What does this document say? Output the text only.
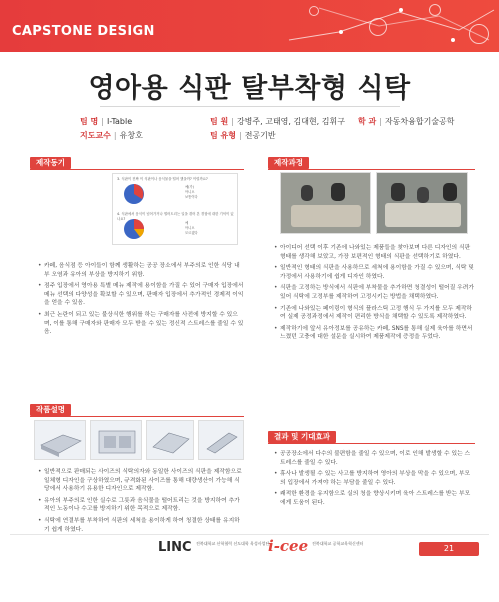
CAPSTONE DESIGN
영아용 식판 탈부착형 식탁
팀 명 | I-Table	팀 원 | 강병주, 고태영, 김대현, 김휘구 학 과 | 자동차융합기술공학
지도교수 | 유창호	팀 유형 | 전공기반
제작동기
3. 식판이 진짜 이 식판이나 음식물을 떨어 했을까? 이럴까요?
예(가)
아니오
보통이다
4. 식판에서 음식이 넘어가거나 떨어트리는 일을 겪어 본 경험에 대한 기억이 있나요?
예
아니오
모르겠다
• 카페, 음식점 등 아이들이 함께 생활하는 공공 장소에서 부주의로 인한 식당 내부 오염과 유아의 부상을 방지하기 위함.
• 점주 입장에서 영아용 특별 메뉴 제작에 용이함을 가질 수 있어 구매자 입장에서 메뉴 선택의 다양성을 확보할 수 있으며, 판매자 입장에서 추가적인 경제적 이익을 얻을 수 있음.
• 최근 논란이 되고 있는 불상식한 행위를 하는 구매자를 사전에 방지할 수 있으며, 이를 통해 구매자와 판매자 모두 받을 수 있는 정신적 스트레스를 줄일 수 있음.
제작과정
• 아이디어 선택 이후 기존에 나와있는 제품들을 찾아보며 다른 디자인의 식판 형태를 생각해 보았고, 가장 보편적인 형태의 식판을 선택하기로 하였다.
• 일반적인 형태의 식판을 사용하므로 세척에 용이함을 가질 수 있으며, 식탁 및 가정에서 사용하기에 쉽게 디자인 하였다.
• 식판을 고정하는 방식에서 식판에 부착물을 추가하면 청결성이 떨어질 우려가 있어 식탁에 고정부를 제작하여 고정시키는 방법을 채택하였다.
• 기존에 나와있는 페이링이 형식의 플라스틱 고정 행식 두 가지를 모두 제작하여 실제 공정과정에서 제작이 편리한 방식을 채택할 수 있도록 제작하였다.
• 제작하기에 앞서 유아정보를 공유하는 카페, SNS를 통해 실제 육아를 하면서 느꼈던 고충에 대한 설문을 실시하여 제품제작에 증정을 두었다.
작품설명
• 일반적으로 판매되는 사이즈의 식탁의자와 동일한 사이즈의 식판을 제작함으로 일체형 디자인을 구상하였으며, 규격화된 사이즈를 통해 대량생산이 가능해 식당에서 사용하기 유용한 디자인으로 제작함.
• 유아의 부주의로 인한 실수로 그릇과 음식물을 떨어트리는 것을 방지하여 추가적인 노동이나 수고를 방지하기 위한 목적으로 제작함.
• 식탁에 연결부를 부착하여 식판의 세척을 용이하게 하여 청결한 상태를 유지하기 쉽게 하였다.
결과 및 기대효과
• 공공장소에서 다수의 불편함을 줄일 수 있으며, 이로 인해 발생할 수 있는 스트레스를 줄일 수 있다.
• 휴사나 발생될 수 있는 사고를 방지하여 영아의 부상을 막을 수 있으며, 부모의 입장에서 가져야 하는 부담을 줄일 수 있다.
• 쾌적한 환경을 유지함으로 실의 청을 향상시키며 육아 스트레스를 받는 부모에게 도움이 된다.
LINC 전북대학교 산학협력 선도대학 육성사업단
i-cee 전북대학교 공학교육혁신센터
21
